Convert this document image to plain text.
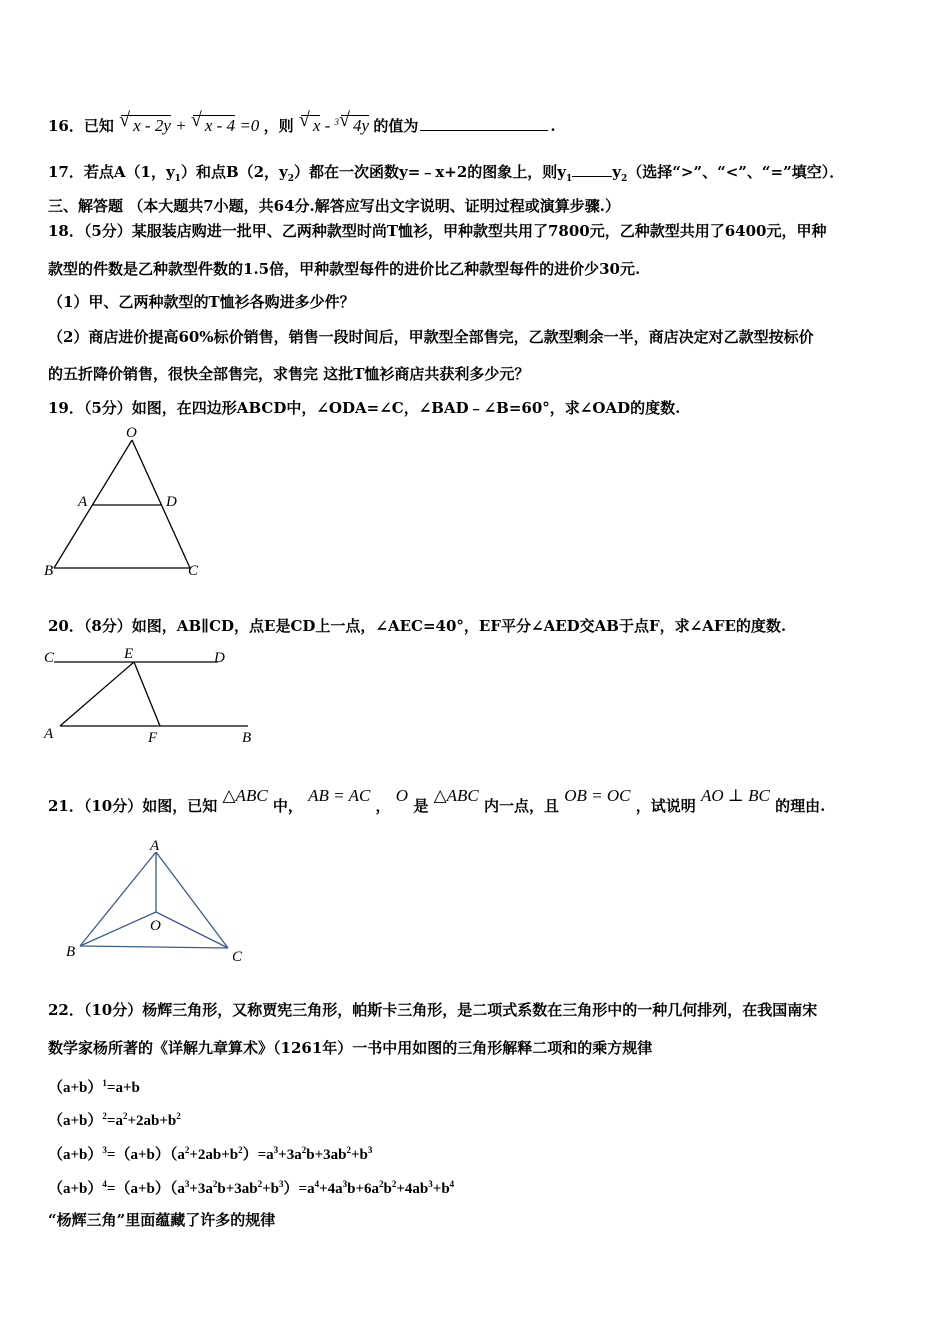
16．已知 √ x - 2y + √ x - 4 =0 ，则 √ x - $^3$ √ 4y 的值为	.
17．若点A（1，$y_1$）和点B（2，$y_2$）都在一次函数y=﹣x+2的图象上，则$y_1$	$y_2$（选择“>”、“<”、“=”填空）．
三、解答题 （本大题共7小题，共64分.解答应写出文字说明、证明过程或演算步骤.）
18．（5分）某服装店购进一批甲、乙两种款型时尚T恤衫，甲种款型共用了7800元，乙种款型共用了6400元，甲种
款型的件数是乙种款型件数的1.5倍，甲种款型每件的进价比乙种款型每件的进价少30元.
（1）甲、乙两种款型的T恤衫各购进多少件？
（2）商店进价提高60%标价销售，销售一段时间后，甲款型全部售完，乙款型剩余一半，商店决定对乙款型按标价
的五折降价销售，很快全部售完，求售完 这批T恤衫商店共获利多少元？
19．（5分）如图，在四边形ABCD中，∠ODA=∠C，∠BAD﹣∠B=60°，求∠OAD的度数.
O
A	D
B	C
20．（8分）如图，AB∥CD，点E是CD上一点，∠AEC=40°，EF平分∠AED交AB于点F，求∠AFE的度数.
C	E	D
A	F	B
21．（10分）如图，已知 △ABC 中， AB = AC ， O 是 △ABC 内一点，且 OB = OC ，试说明 AO ⊥ BC 的理由.
A
O
B	C
22．（10分）杨辉三角形，又称贾宪三角形，帕斯卡三角形，是二项式系数在三角形中的一种几何排列，在我国南宋
数学家杨所著的《详解九章算术》（1261年）一书中用如图的三角形解释二项和的乘方规律
$(a+b)^1=a+b$
$(a+b)^2=a^2+2ab+b^2$
$(a+b)^3=(a+b)(a^2+2ab+b^2)=a^3+3a^2b+3ab^2+b^3$
$(a+b)^4=(a+b)(a^3+3a^2b+3ab^2+b^3)=a^4+4a^3b+6a^2b^2+4ab^3+b^4$
“杨辉三角”里面蕴藏了许多的规律
